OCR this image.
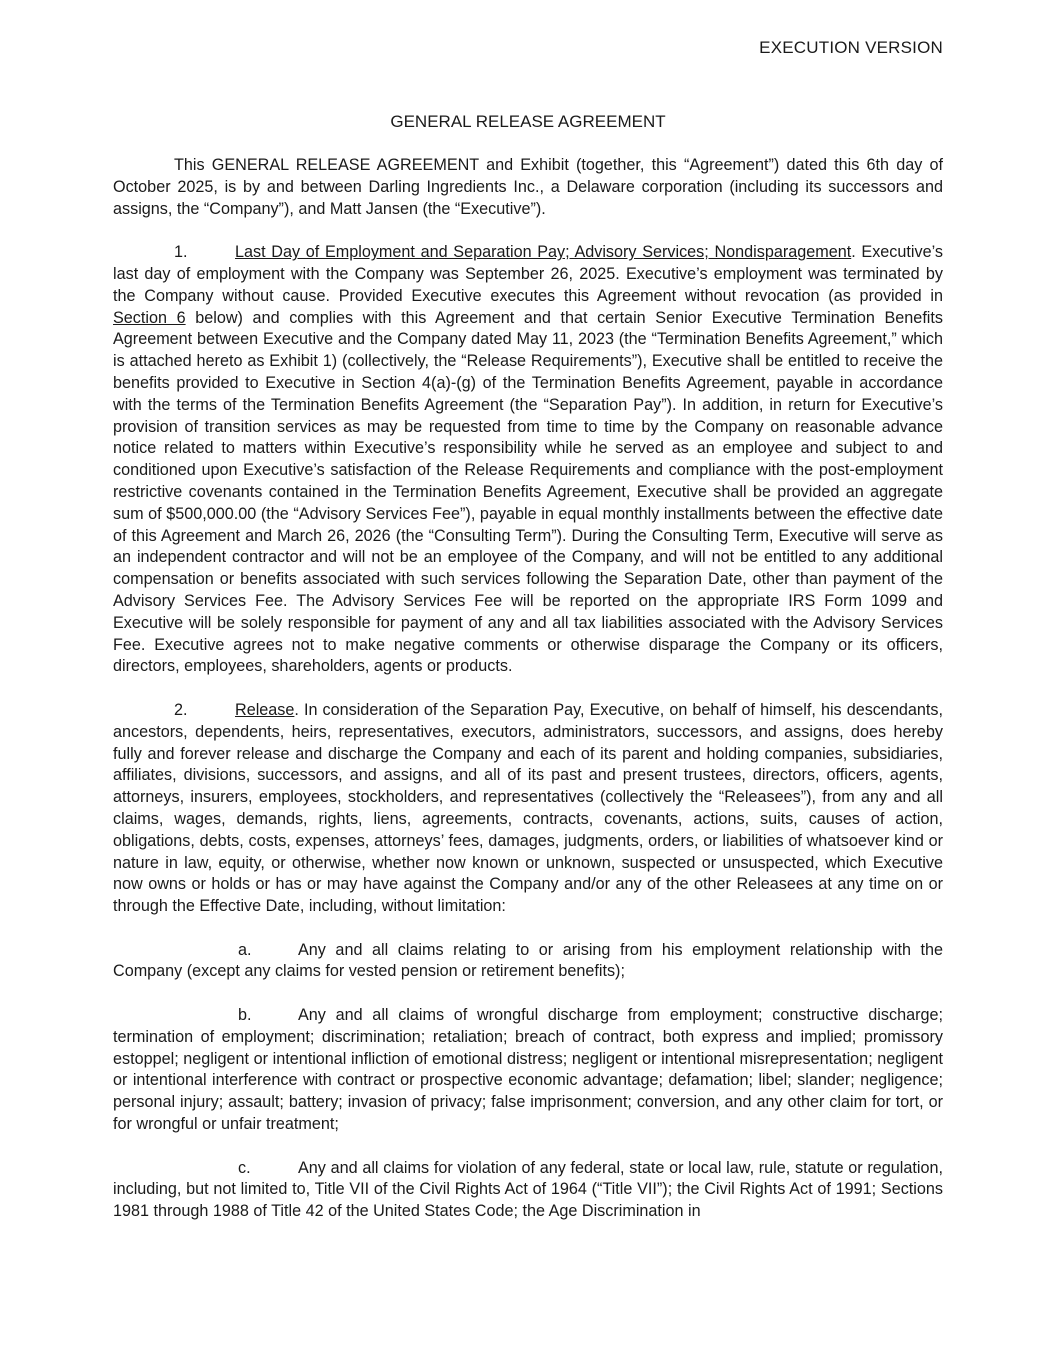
EXECUTION VERSION
GENERAL RELEASE AGREEMENT

This GENERAL RELEASE AGREEMENT and Exhibit (together, this “Agreement”) dated this 6th day of October 2025, is by and between Darling Ingredients Inc., a Delaware corporation (including its successors and assigns, the “Company”), and Matt Jansen (the “Executive”).

1.	Last Day of Employment and Separation Pay; Advisory Services; Nondisparagement. Executive’s last day of employment with the Company was September 26, 2025. Executive’s employment was terminated by the Company without cause. Provided Executive executes this Agreement without revocation (as provided in Section 6 below) and complies with this Agreement and that certain Senior Executive Termination Benefits Agreement between Executive and the Company dated May 11, 2023 (the “Termination Benefits Agreement,” which is attached hereto as Exhibit 1) (collectively, the “Release Requirements”), Executive shall be entitled to receive the benefits provided to Executive in Section 4(a)-(g) of the Termination Benefits Agreement, payable in accordance with the terms of the Termination Benefits Agreement (the “Separation Pay”). In addition, in return for Executive’s provision of transition services as may be requested from time to time by the Company on reasonable advance notice related to matters within Executive’s responsibility while he served as an employee and subject to and conditioned upon Executive’s satisfaction of the Release Requirements and compliance with the post-employment restrictive covenants contained in the Termination Benefits Agreement, Executive shall be provided an aggregate sum of $500,000.00 (the “Advisory Services Fee”), payable in equal monthly installments between the effective date of this Agreement and March 26, 2026 (the “Consulting Term”). During the Consulting Term, Executive will serve as an independent contractor and will not be an employee of the Company, and will not be entitled to any additional compensation or benefits associated with such services following the Separation Date, other than payment of the Advisory Services Fee. The Advisory Services Fee will be reported on the appropriate IRS Form 1099 and Executive will be solely responsible for payment of any and all tax liabilities associated with the Advisory Services Fee. Executive agrees not to make negative comments or otherwise disparage the Company or its officers, directors, employees, shareholders, agents or products.

2.	Release. In consideration of the Separation Pay, Executive, on behalf of himself, his descendants, ancestors, dependents, heirs, representatives, executors, administrators, successors, and assigns, does hereby fully and forever release and discharge the Company and each of its parent and holding companies, subsidiaries, affiliates, divisions, successors, and assigns, and all of its past and present trustees, directors, officers, agents, attorneys, insurers, employees, stockholders, and representatives (collectively the “Releasees”), from any and all claims, wages, demands, rights, liens, agreements, contracts, covenants, actions, suits, causes of action, obligations, debts, costs, expenses, attorneys’ fees, damages, judgments, orders, or liabilities of whatsoever kind or nature in law, equity, or otherwise, whether now known or unknown, suspected or unsuspected, which Executive now owns or holds or has or may have against the Company and/or any of the other Releasees at any time on or through the Effective Date, including, without limitation:

a.	Any and all claims relating to or arising from his employment relationship with the Company (except any claims for vested pension or retirement benefits);

b.	Any and all claims of wrongful discharge from employment; constructive discharge; termination of employment; discrimination; retaliation; breach of contract, both express and implied; promissory estoppel; negligent or intentional infliction of emotional distress; negligent or intentional misrepresentation; negligent or intentional interference with contract or prospective economic advantage; defamation; libel; slander; negligence; personal injury; assault; battery; invasion of privacy; false imprisonment; conversion, and any other claim for tort, or for wrongful or unfair treatment;

c.	Any and all claims for violation of any federal, state or local law, rule, statute or regulation, including, but not limited to, Title VII of the Civil Rights Act of 1964 (“Title VII”); the Civil Rights Act of 1991; Sections 1981 through 1988 of Title 42 of the United States Code; the Age Discrimination in
